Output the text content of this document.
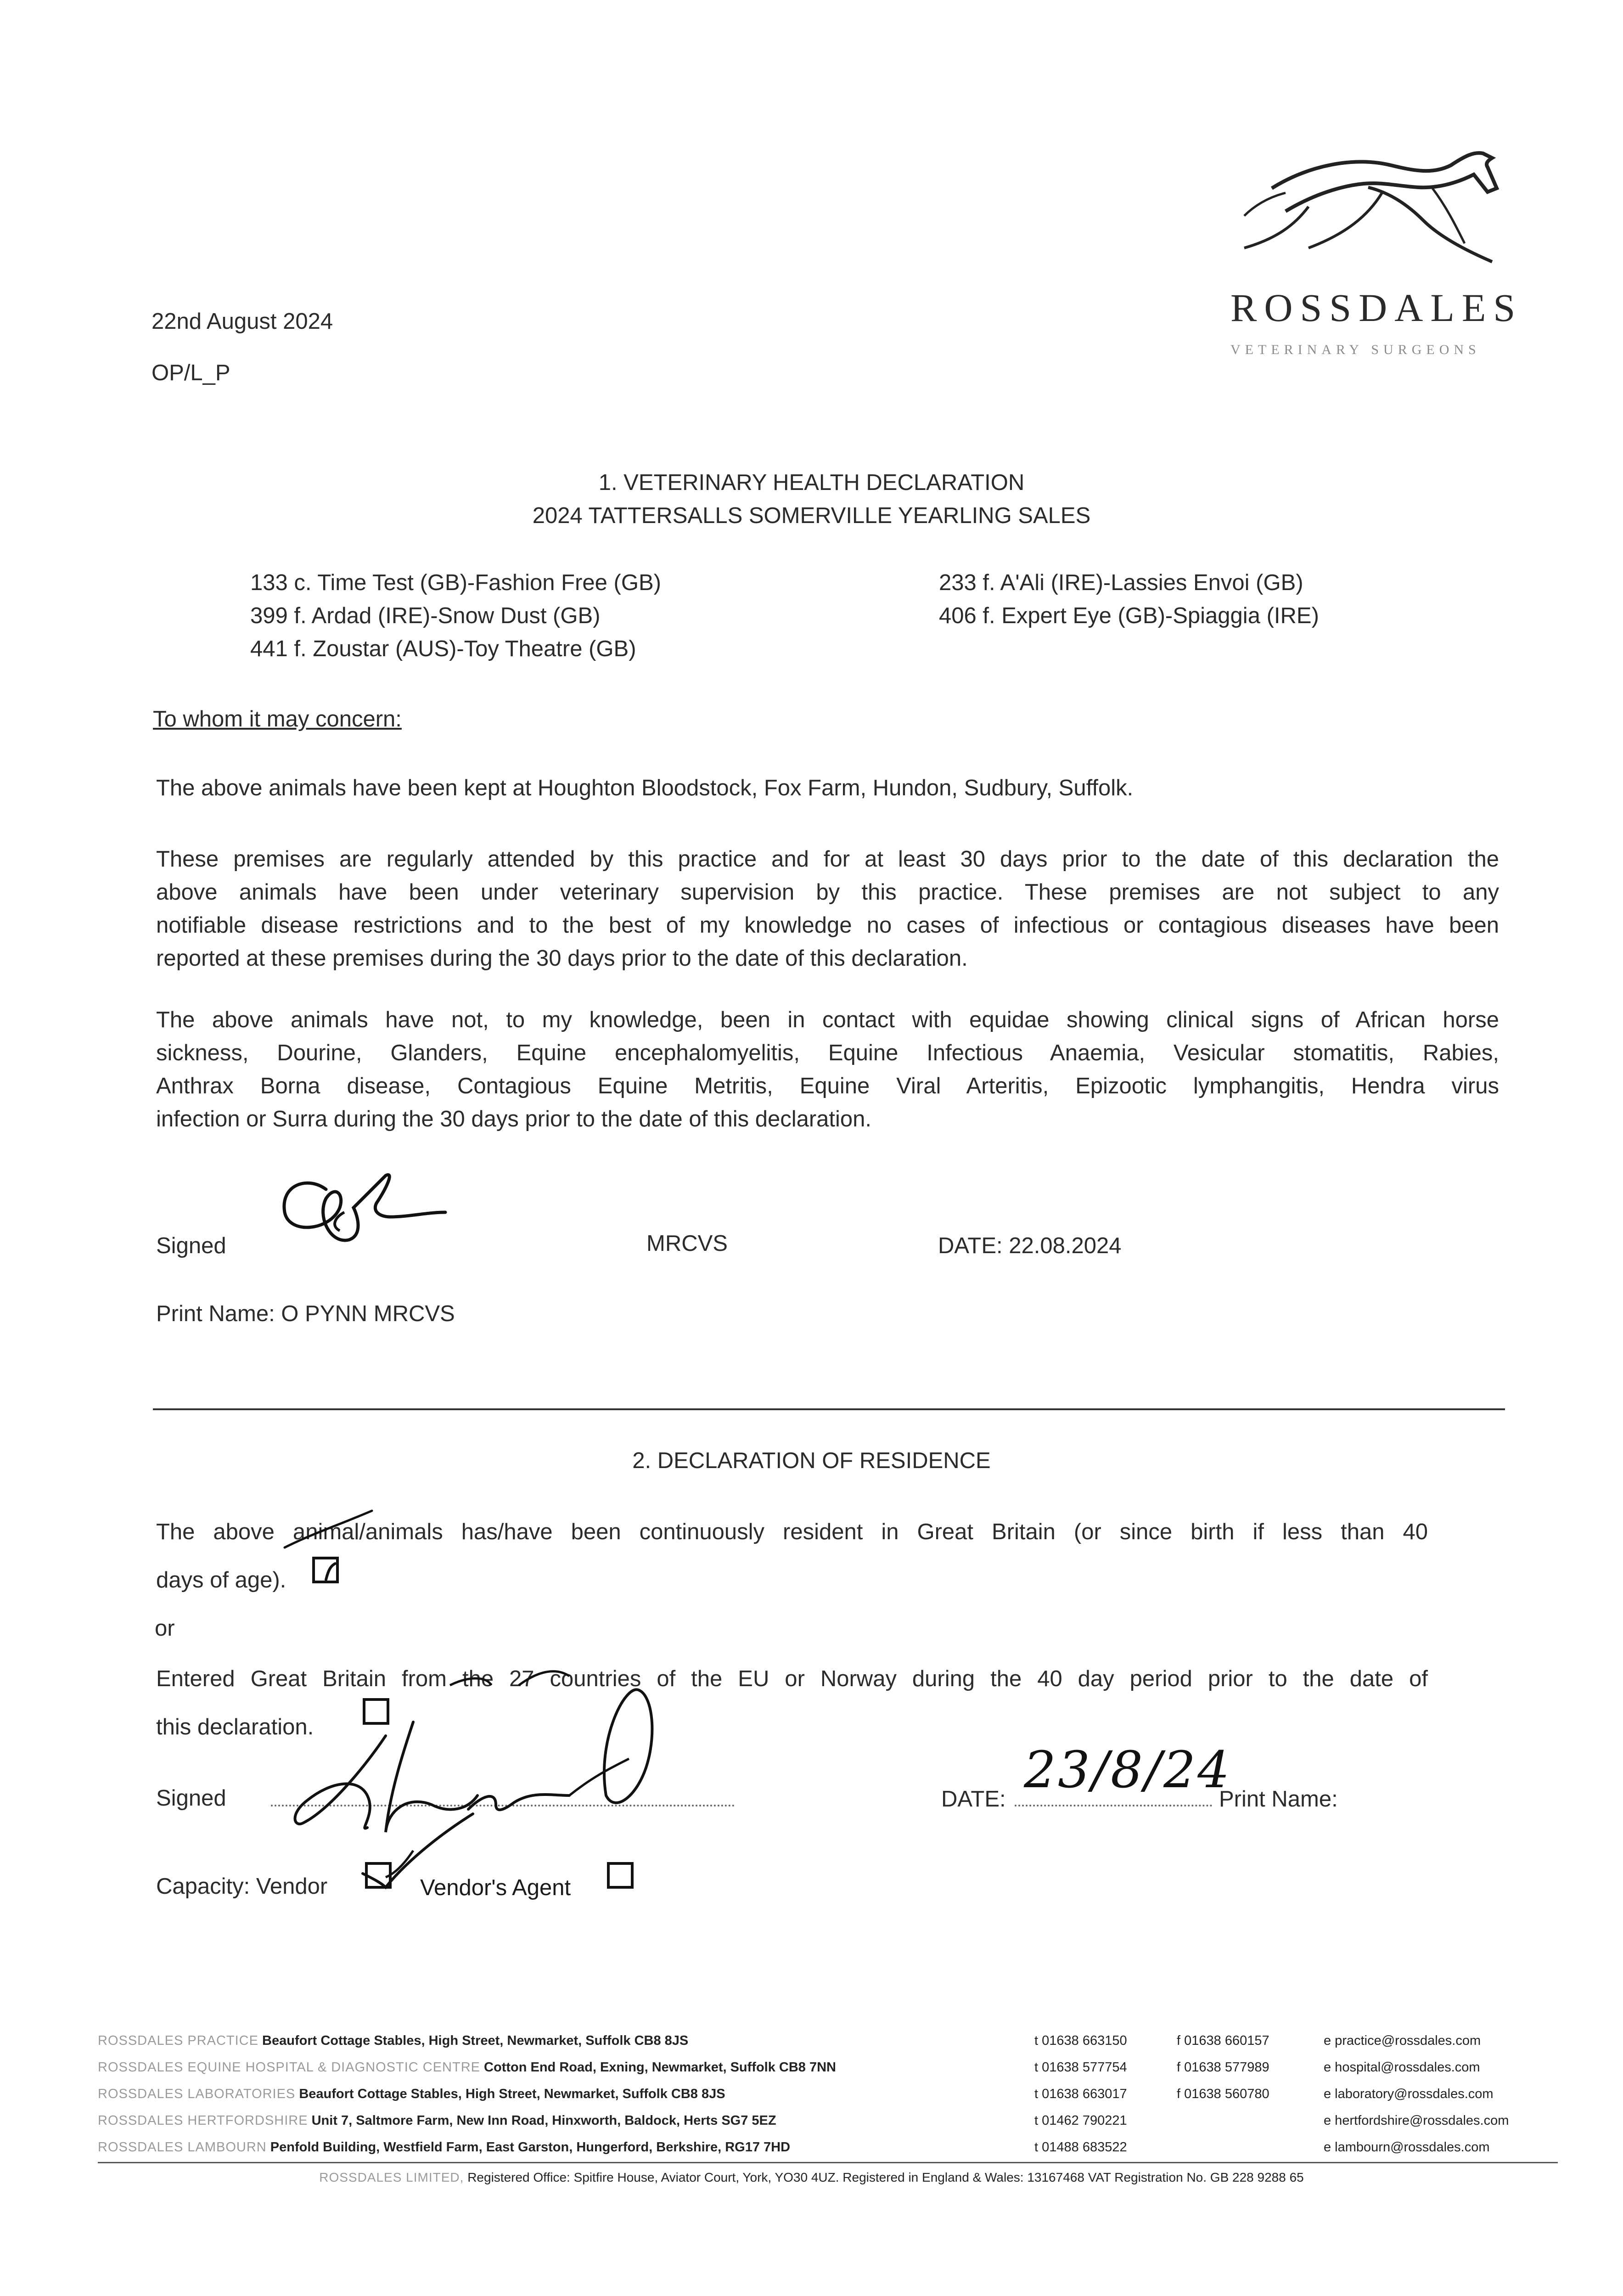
22nd August 2024
OP/L_P
ROSSDALES
VETERINARY SURGEONS
1. VETERINARY HEALTH DECLARATION
2024 TATTERSALLS SOMERVILLE YEARLING SALES
133 c. Time Test (GB)-Fashion Free (GB)
399 f. Ardad (IRE)-Snow Dust (GB)
441 f. Zoustar (AUS)-Toy Theatre (GB)
233 f. A'Ali (IRE)-Lassies Envoi (GB)
406 f. Expert Eye (GB)-Spiaggia (IRE)
To whom it may concern:
The above animals have been kept at Houghton Bloodstock, Fox Farm, Hundon, Sudbury, Suffolk.
These premises are regularly attended by this practice and for at least 30 days prior to the date of this declaration the
above animals have been under veterinary supervision by this practice. These premises are not subject to any
notifiable disease restrictions and to the best of my knowledge no cases of infectious or contagious diseases have been
reported at these premises during the 30 days prior to the date of this declaration.
The above animals have not, to my knowledge, been in contact with equidae showing clinical signs of African horse
sickness, Dourine, Glanders, Equine encephalomyelitis, Equine Infectious Anaemia, Vesicular stomatitis, Rabies,
Anthrax Borna disease, Contagious Equine Metritis, Equine Viral Arteritis, Epizootic lymphangitis, Hendra virus
infection or Surra during the 30 days prior to the date of this declaration.
Signed	MRCVS	DATE: 22.08.2024
Print Name: O PYNN MRCVS
2. DECLARATION OF RESIDENCE
The above animal/animals has/have been continuously resident in Great Britain (or since birth if less than 40
days of age).
or
Entered Great Britain from the 27 countries of the EU or Norway during the 40 day period prior to the date of
this declaration.
Signed	DATE: 23/8/24
Print Name:
Capacity: Vendor	Vendor's Agent
ROSSDALES PRACTICE Beaufort Cottage Stables, High Street, Newmarket, Suffolk CB8 8JS	t 01638 663150	f 01638 660157	e practice@rossdales.com
ROSSDALES EQUINE HOSPITAL & DIAGNOSTIC CENTRE Cotton End Road, Exning, Newmarket, Suffolk CB8 7NN	t 01638 577754	f 01638 577989	e hospital@rossdales.com
ROSSDALES LABORATORIES Beaufort Cottage Stables, High Street, Newmarket, Suffolk CB8 8JS	t 01638 663017	f 01638 560780	e laboratory@rossdales.com
ROSSDALES HERTFORDSHIRE Unit 7, Saltmore Farm, New Inn Road, Hinxworth, Baldock, Herts SG7 5EZ	t 01462 790221	e hertfordshire@rossdales.com
ROSSDALES LAMBOURN Penfold Building, Westfield Farm, East Garston, Hungerford, Berkshire, RG17 7HD	t 01488 683522	e lambourn@rossdales.com
ROSSDALES LIMITED, Registered Office: Spitfire House, Aviator Court, York, YO30 4UZ. Registered in England & Wales: 13167468 VAT Registration No. GB 228 9288 65
